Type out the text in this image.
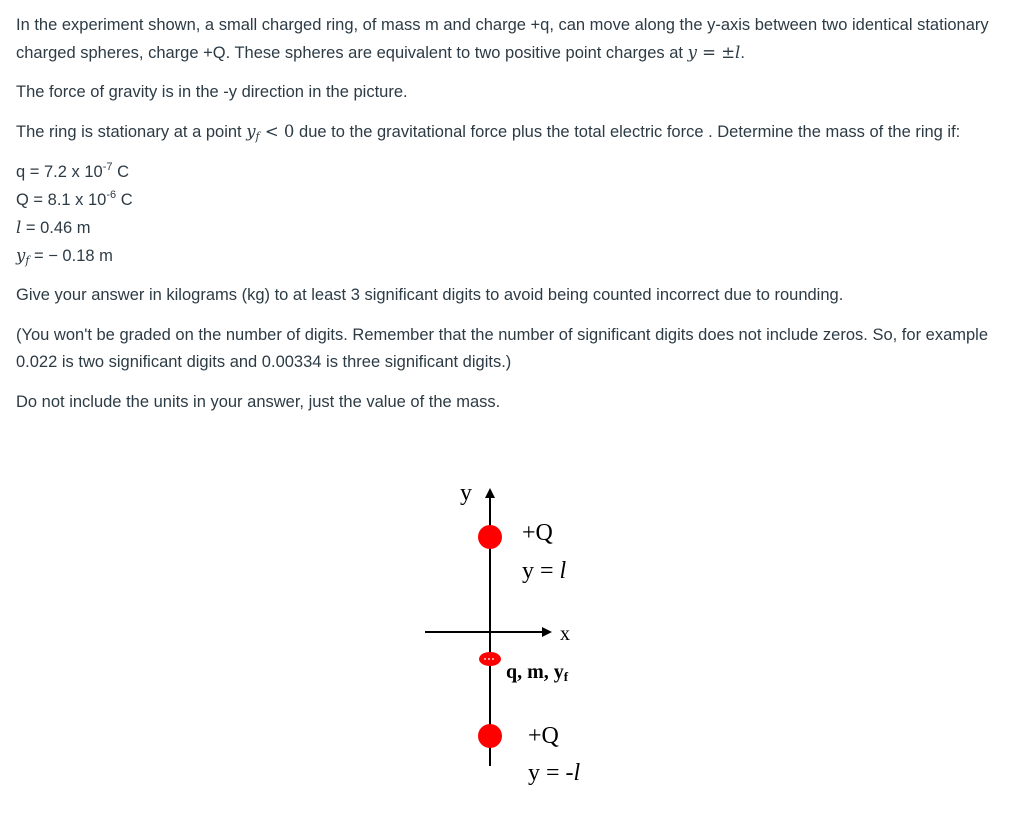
In the experiment shown, a small charged ring, of mass m and charge +q, can move along the y-axis between two identical stationary charged spheres, charge +Q. These spheres are equivalent to two positive point charges at y = ±l.

The force of gravity is in the -y direction in the picture.

The ring is stationary at a point $y_f < 0$ due to the gravitational force plus the total electric force . Determine the mass of the ring if:

q = 7.2 x $10^{-7}$ C
Q = 8.1 x $10^{-6}$ C
l = 0.46 m
$y_f$ = − 0.18 m

Give your answer in kilograms (kg) to at least 3 significant digits to avoid being counted incorrect due to rounding.

(You won't be graded on the number of digits. Remember that the number of significant digits does not include zeros. So, for example 0.022 is two significant digits and 0.00334 is three significant digits.)

Do not include the units in your answer, just the value of the mass.

y
x
+Q
y = l
q, m, yf
+Q
y = -l
